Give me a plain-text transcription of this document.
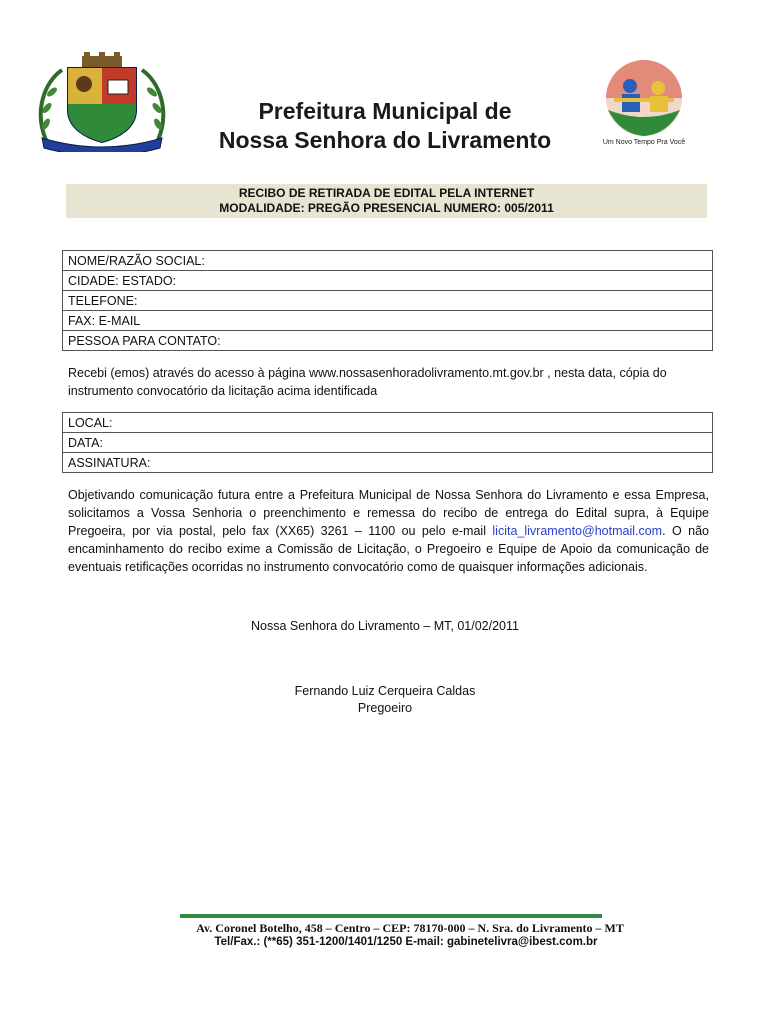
Um Novo Tempo Pra Você
Prefeitura Municipal de
Nossa Senhora do Livramento
RECIBO DE RETIRADA DE EDITAL PELA INTERNET
MODALIDADE: PREGÃO PRESENCIAL NUMERO: 005/2011
NOME/RAZÃO SOCIAL:
CIDADE: ESTADO:
TELEFONE:
FAX: E-MAIL
PESSOA PARA CONTATO:
Recebi (emos) através do acesso à página www.nossasenhoradolivramento.mt.gov.br , nesta data, cópia do instrumento convocatório da licitação acima identificada
LOCAL:
DATA:
ASSINATURA:
Objetivando comunicação futura entre a Prefeitura Municipal de Nossa Senhora do Livramento e essa Empresa, solicitamos a Vossa Senhoria o preenchimento e remessa do recibo de entrega do Edital supra, à Equipe Pregoeira, por via postal, pelo fax (XX65) 3261 – 1100 ou pelo e-mail licita_livramento@hotmail.com. O não encaminhamento do recibo exime a Comissão de Licitação, o Pregoeiro e Equipe de Apoio da comunicação de eventuais retificações ocorridas no instrumento convocatório como de quaisquer informações adicionais.
Nossa Senhora do Livramento – MT, 01/02/2011
Fernando Luiz Cerqueira Caldas
Pregoeiro
Av. Coronel Botelho, 458 – Centro – CEP: 78170-000 – N. Sra. do Livramento – MT
Tel/Fax.: (**65) 351-1200/1401/1250 E-mail: gabinetelivra@ibest.com.br
